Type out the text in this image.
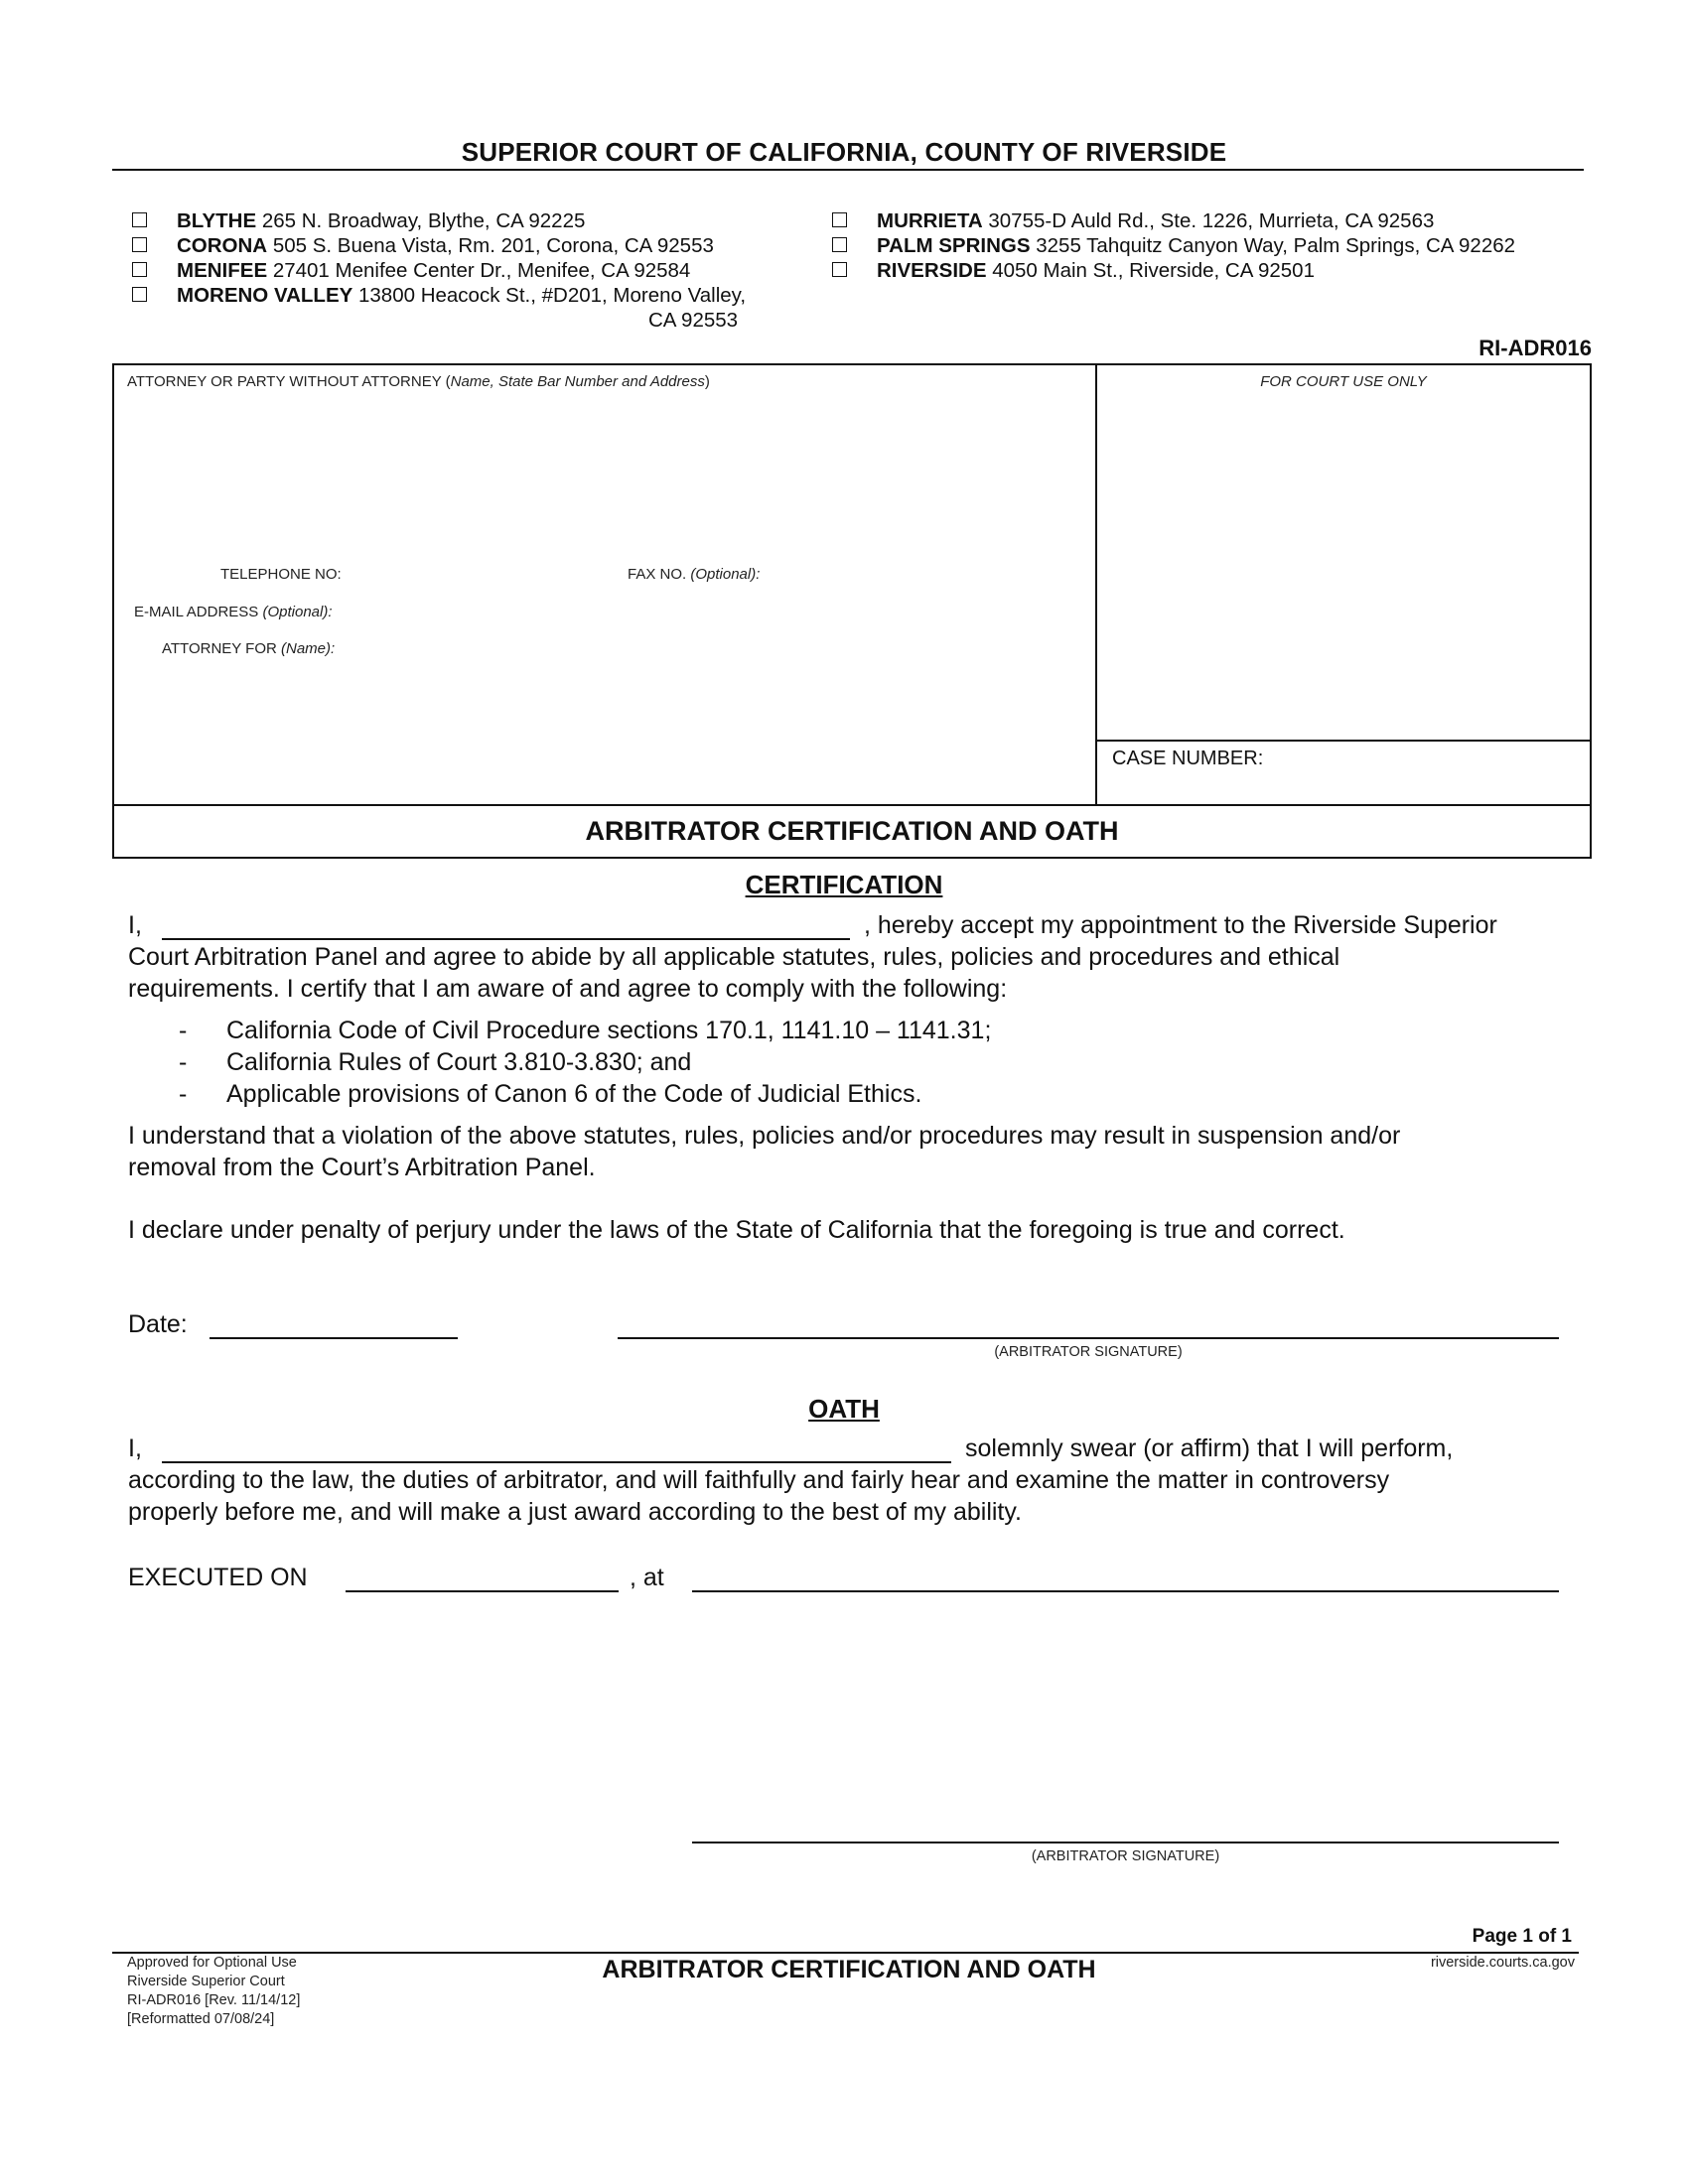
SUPERIOR COURT OF CALIFORNIA, COUNTY OF RIVERSIDE
BLYTHE 265 N. Broadway, Blythe, CA 92225
CORONA 505 S. Buena Vista, Rm. 201, Corona, CA 92553
MENIFEE 27401 Menifee Center Dr., Menifee, CA 92584
MORENO VALLEY 13800 Heacock St., #D201, Moreno Valley,
CA 92553
MURRIETA 30755-D Auld Rd., Ste. 1226, Murrieta, CA 92563
PALM SPRINGS 3255 Tahquitz Canyon Way, Palm Springs, CA 92262
RIVERSIDE 4050 Main St., Riverside, CA 92501
RI-ADR016
ATTORNEY OR PARTY WITHOUT ATTORNEY (Name, State Bar Number and Address)	FOR COURT USE ONLY
TELEPHONE NO:	FAX NO. (Optional):
E-MAIL ADDRESS (Optional):
ATTORNEY FOR (Name):
CASE NUMBER:
ARBITRATOR CERTIFICATION AND OATH
CERTIFICATION
I,	, hereby accept my appointment to the Riverside Superior
Court Arbitration Panel and agree to abide by all applicable statutes, rules, policies and procedures and ethical
requirements. I certify that I am aware of and agree to comply with the following:
- California Code of Civil Procedure sections 170.1, 1141.10 – 1141.31;
- California Rules of Court 3.810-3.830; and
- Applicable provisions of Canon 6 of the Code of Judicial Ethics.
I understand that a violation of the above statutes, rules, policies and/or procedures may result in suspension and/or
removal from the Court’s Arbitration Panel.
I declare under penalty of perjury under the laws of the State of California that the foregoing is true and correct.
Date:
(ARBITRATOR SIGNATURE)
OATH
I,	solemnly swear (or affirm) that I will perform,
according to the law, the duties of arbitrator, and will faithfully and fairly hear and examine the matter in controversy
properly before me, and will make a just award according to the best of my ability.
EXECUTED ON	, at
(ARBITRATOR SIGNATURE)
Page 1 of 1
Approved for Optional Use
Riverside Superior Court
RI-ADR016 [Rev. 11/14/12]
[Reformatted 07/08/24]
ARBITRATOR CERTIFICATION AND OATH	riverside.courts.ca.gov
